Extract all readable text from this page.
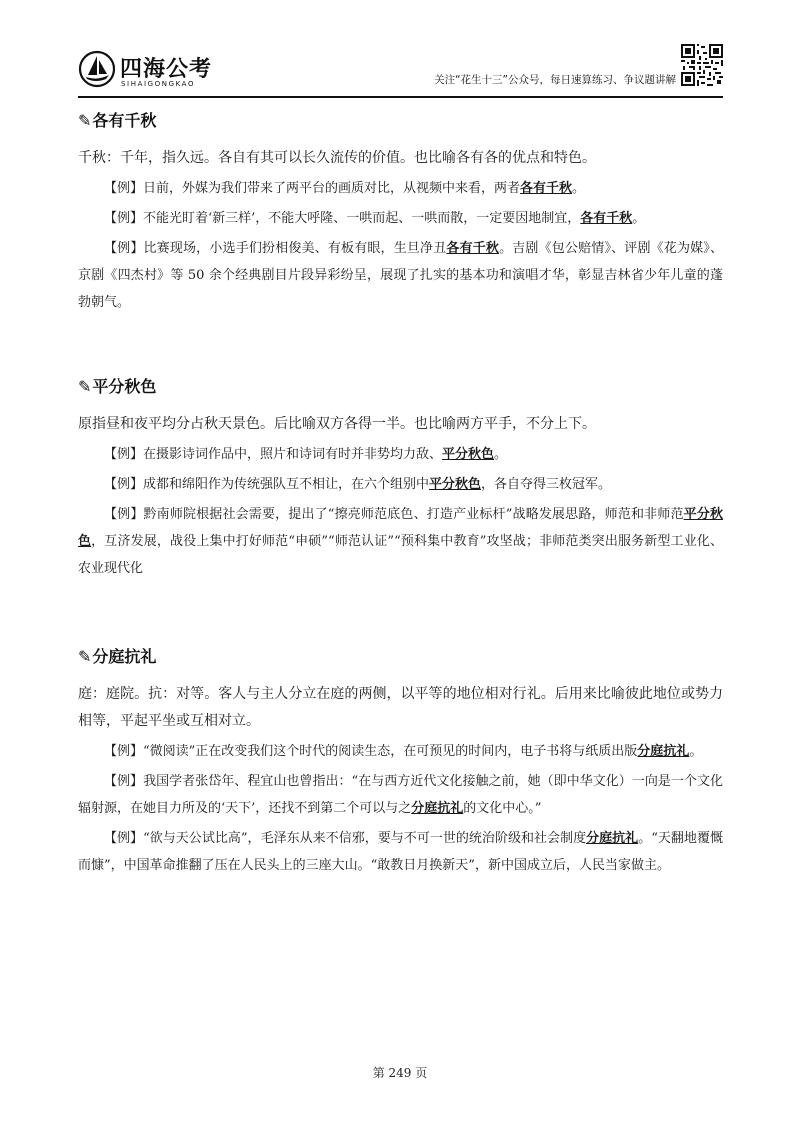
四海公考
SIHAIGONGKAO	关注“花生十三”公众号，每日速算练习、争议题讲解
✎各有千秋
千秋：千年，指久远。各自有其可以长久流传的价值。也比喻各有各的优点和特色。
【例】日前，外媒为我们带来了两平台的画质对比，从视频中来看，两者各有千秋。
【例】不能光盯着‘新三样’，不能大呼隆、一哄而起、一哄而散，一定要因地制宜，各有千秋。
【例】比赛现场，小选手们扮相俊美、有板有眼，生旦净丑各有千秋。吉剧《包公赔情》、评剧《花为媒》、京剧《四杰村》等 50 余个经典剧目片段异彩纷呈，展现了扎实的基本功和演唱才华，彰显吉林省少年儿童的蓬勃朝气。
✎平分秋色
原指昼和夜平均分占秋天景色。后比喻双方各得一半。也比喻两方平手，不分上下。
【例】在摄影诗词作品中，照片和诗词有时并非势均力敌、平分秋色。
【例】成都和绵阳作为传统强队互不相让，在六个组别中平分秋色，各自夺得三枚冠军。
【例】黔南师院根据社会需要，提出了“擦亮师范底色、打造产业标杆”战略发展思路，师范和非师范平分秋色，互济发展，战役上集中打好师范“申硕”“师范认证”“预科集中教育”攻坚战；非师范类突出服务新型工业化、农业现代化
✎分庭抗礼
庭：庭院。抗：对等。客人与主人分立在庭的两侧，以平等的地位相对行礼。后用来比喻彼此地位或势力相等，平起平坐或互相对立。
【例】“微阅读”正在改变我们这个时代的阅读生态，在可预见的时间内，电子书将与纸质出版分庭抗礼。
【例】我国学者张岱年、程宜山也曾指出：“在与西方近代文化接触之前，她（即中华文化）一向是一个文化辐射源，在她目力所及的‘天下’，还找不到第二个可以与之分庭抗礼的文化中心。”
【例】“欲与天公试比高”，毛泽东从来不信邪，要与不可一世的统治阶级和社会制度分庭抗礼。“天翻地覆慨而慷”，中国革命推翻了压在人民头上的三座大山。“敢教日月换新天”，新中国成立后，人民当家做主。
第 249 页
